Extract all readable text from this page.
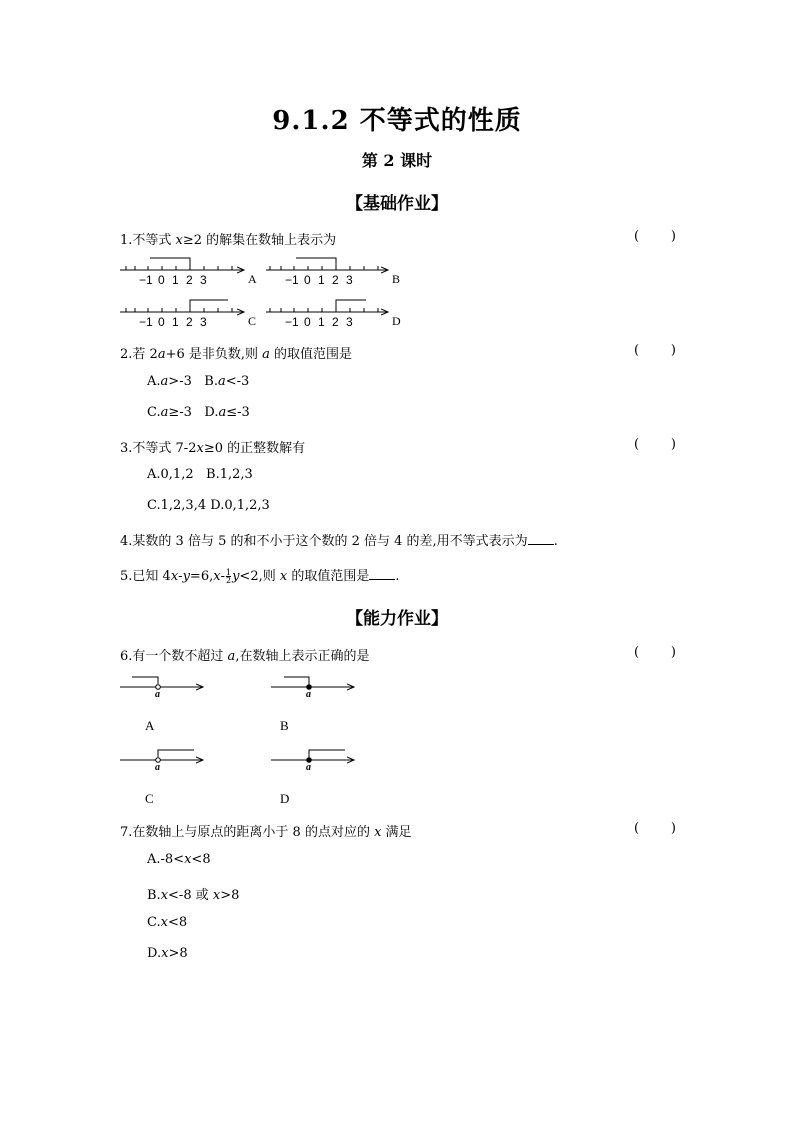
9.1.2 不等式的性质
第 2 课时
【基础作业】
1.不等式 x≥2 的解集在数轴上表示为	( )
−1 0 1 2 3	A −1 0 1 2 3	B
−1 0 1 2 3	C −1 0 1 2 3	D
2.若 2a+6 是非负数,则 a 的取值范围是	( )
A.a>-3 B.a<-3
C.a≥-3 D.a≤-3
3.不等式 7-2x≥0 的正整数解有	( )
A.0,1,2 B.1,2,3
C.1,2,3,4 D.0,1,2,3
4.某数的 3 倍与 5 的和不小于这个数的 2 倍与 4 的差,用不等式表示为 .
5.已知 $4x-y=6,x- \frac{1}{2} y<2$,则 x 的取值范围是 .
【能力作业】
6.有一个数不超过 a,在数轴上表示正确的是	( )
a	a
a	a
A	B
C	D
7.在数轴上与原点的距离小于 8 的点对应的 x 满足	( )
A.-8<x<8
B.x<-8 或 x>8
C.x<8
D.x>8
